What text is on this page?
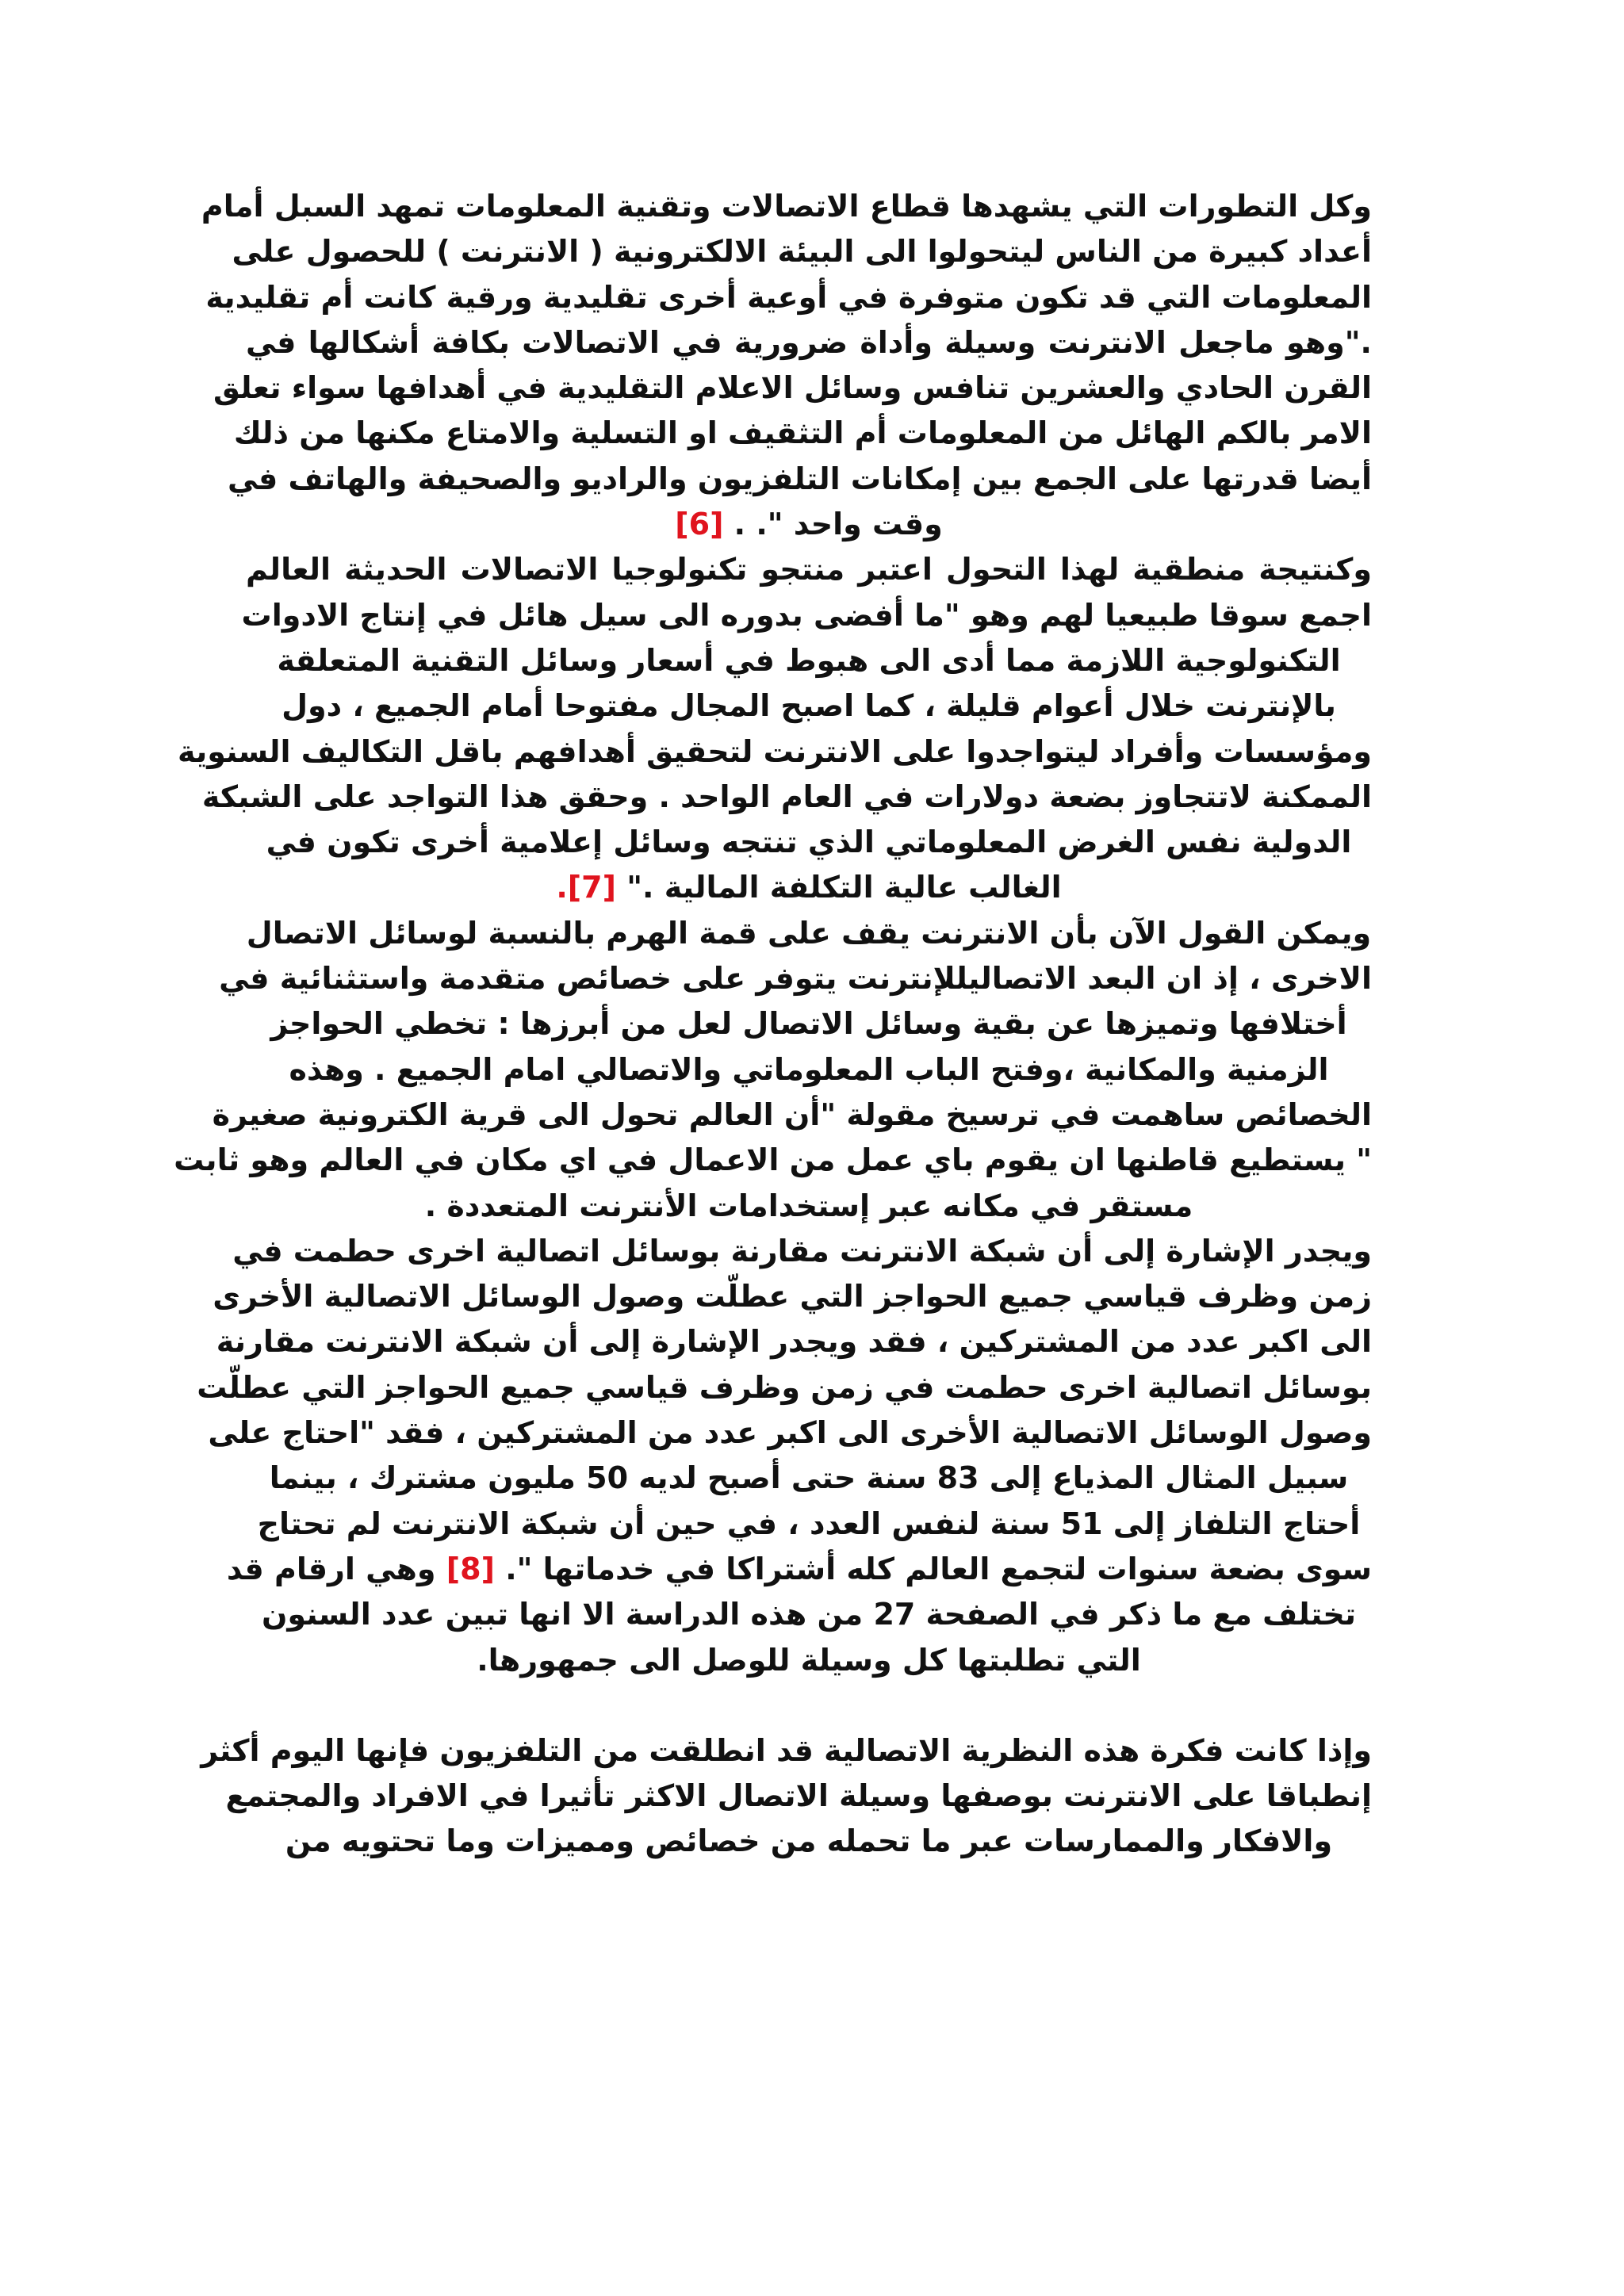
وكل التطورات التي يشهدها قطاع الاتصالات وتقنية المعلومات تمهد السبل أمام
أعداد كبيرة من الناس ليتحولوا الى البيئة الالكترونية ( الانترنت ) للحصول على
المعلومات التي قد تكون متوفرة في أوعية أخرى تقليدية ورقية كانت أم تقليدية
."وهو ماجعل الانترنت وسيلة وأداة ضرورية في الاتصالات بكافة أشكالها في
القرن الحادي والعشرين تنافس وسائل الاعلام التقليدية في أهدافها سواء تعلق
الامر بالكم الهائل من المعلومات أم التثقيف او التسلية والامتاع مكنها من ذلك
أيضا قدرتها على الجمع بين إمكانات التلفزيون والراديو والصحيفة والهاتف في
وقت واحد ". . [6]
وكنتيجة منطقية لهذا التحول اعتبر منتجو تكنولوجيا الاتصالات الحديثة العالم
اجمع سوقا طبيعيا لهم وهو "ما أفضى بدوره الى سيل هائل في إنتاج الادوات
التكنولوجية اللازمة مما أدى الى هبوط في أسعار وسائل التقنية المتعلقة
بالإنترنت خلال أعوام قليلة ، كما اصبح المجال مفتوحا أمام الجميع ، دول
ومؤسسات وأفراد ليتواجدوا على الانترنت لتحقيق أهدافهم باقل التكاليف السنوية
الممكنة لاتتجاوز بضعة دولارات في العام الواحد . وحقق هذا التواجد على الشبكة
الدولية نفس الغرض المعلوماتي الذي تنتجه وسائل إعلامية أخرى تكون في
الغالب عالية التكلفة المالية ." [7].
ويمكن القول الآن بأن الانترنت يقف على قمة الهرم بالنسبة لوسائل الاتصال
الاخرى ، إذ ان البعد الاتصاليللإنترنت يتوفر على خصائص متقدمة واستثنائية في
أختلافها وتميزها عن بقية وسائل الاتصال لعل من أبرزها : تخطي الحواجز
الزمنية والمكانية ،وفتح الباب المعلوماتي والاتصالي امام الجميع . وهذه
الخصائص ساهمت في ترسيخ مقولة "أن العالم تحول الى قرية الكترونية صغيرة
" يستطيع قاطنها ان يقوم باي عمل من الاعمال في اي مكان في العالم وهو ثابت
مستقر في مكانه عبر إستخدامات الأنترنت المتعددة .
ويجدر الإشارة إلى أن شبكة الانترنت مقارنة بوسائل اتصالية اخرى حطمت في
زمن وظرف قياسي جميع الحواجز التي عطلّت وصول الوسائل الاتصالية الأخرى
الى اكبر عدد من المشتركين ، فقد ويجدر الإشارة إلى أن شبكة الانترنت مقارنة
بوسائل اتصالية اخرى حطمت في زمن وظرف قياسي جميع الحواجز التي عطلّت
وصول الوسائل الاتصالية الأخرى الى اكبر عدد من المشتركين ، فقد "احتاج على
سبيل المثال المذياع إلى 83 سنة حتى أصبح لديه 50 مليون مشترك ، بينما
أحتاج التلفاز إلى 51 سنة لنفس العدد ، في حين أن شبكة الانترنت لم تحتاج
سوى بضعة سنوات لتجمع العالم كله أشتراكا في خدماتها ". [8] وهي ارقام قد
تختلف مع ما ذكر في الصفحة 27 من هذه الدراسة الا انها تبين عدد السنون
التي تطلبتها كل وسيلة للوصل الى جمهورها.
وإذا كانت فكرة هذه النظرية الاتصالية قد انطلقت من التلفزيون فإنها اليوم أكثر
إنطباقا على الانترنت بوصفها وسيلة الاتصال الاكثر تأثيرا في الافراد والمجتمع
والافكار والممارسات عبر ما تحمله من خصائص ومميزات وما تحتويه من
